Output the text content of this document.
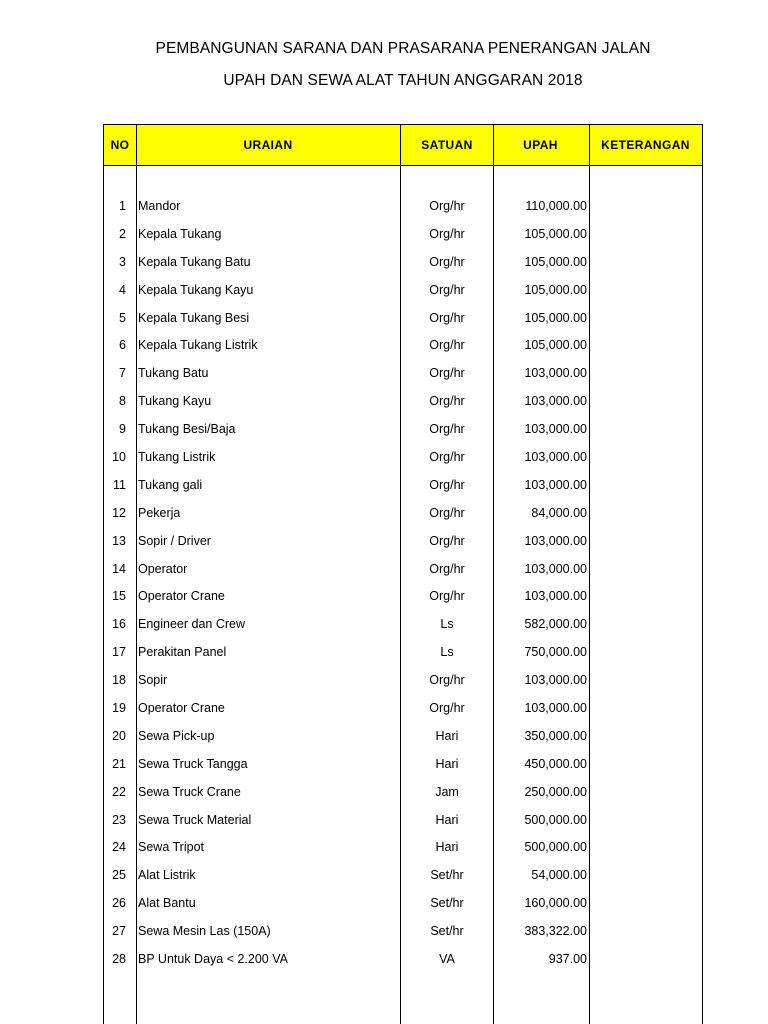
PEMBANGUNAN SARANA DAN PRASARANA PENERANGAN JALAN
UPAH DAN SEWA ALAT TAHUN ANGGARAN 2018
NO	URAIAN	SATUAN	UPAH	KETERANGAN
1 Mandor	Org/hr	110,000.00
2 Kepala Tukang	Org/hr	105,000.00
3 Kepala Tukang Batu	Org/hr	105,000.00
4 Kepala Tukang Kayu	Org/hr	105,000.00
5 Kepala Tukang Besi	Org/hr	105,000.00
6 Kepala Tukang Listrik	Org/hr	105,000.00
7 Tukang Batu	Org/hr	103,000.00
8 Tukang Kayu	Org/hr	103,000.00
9 Tukang Besi/Baja	Org/hr	103,000.00
10 Tukang Listrik	Org/hr	103,000.00
11 Tukang gali	Org/hr	103,000.00
12 Pekerja	Org/hr	84,000.00
13 Sopir / Driver	Org/hr	103,000.00
14 Operator	Org/hr	103,000.00
15 Operator Crane	Org/hr	103,000.00
16 Engineer dan Crew	Ls	582,000.00
17 Perakitan Panel	Ls	750,000.00
18 Sopir	Org/hr	103,000.00
19 Operator Crane	Org/hr	103,000.00
20 Sewa Pick-up	Hari	350,000.00
21 Sewa Truck Tangga	Hari	450,000.00
22 Sewa Truck Crane	Jam	250,000.00
23 Sewa Truck Material	Hari	500,000.00
24 Sewa Tripot	Hari	500,000.00
25 Alat Listrik	Set/hr	54,000.00
26 Alat Bantu	Set/hr	160,000.00
27 Sewa Mesin Las (150A)	Set/hr	383,322.00
28 BP Untuk Daya < 2.200 VA	VA	937.00
